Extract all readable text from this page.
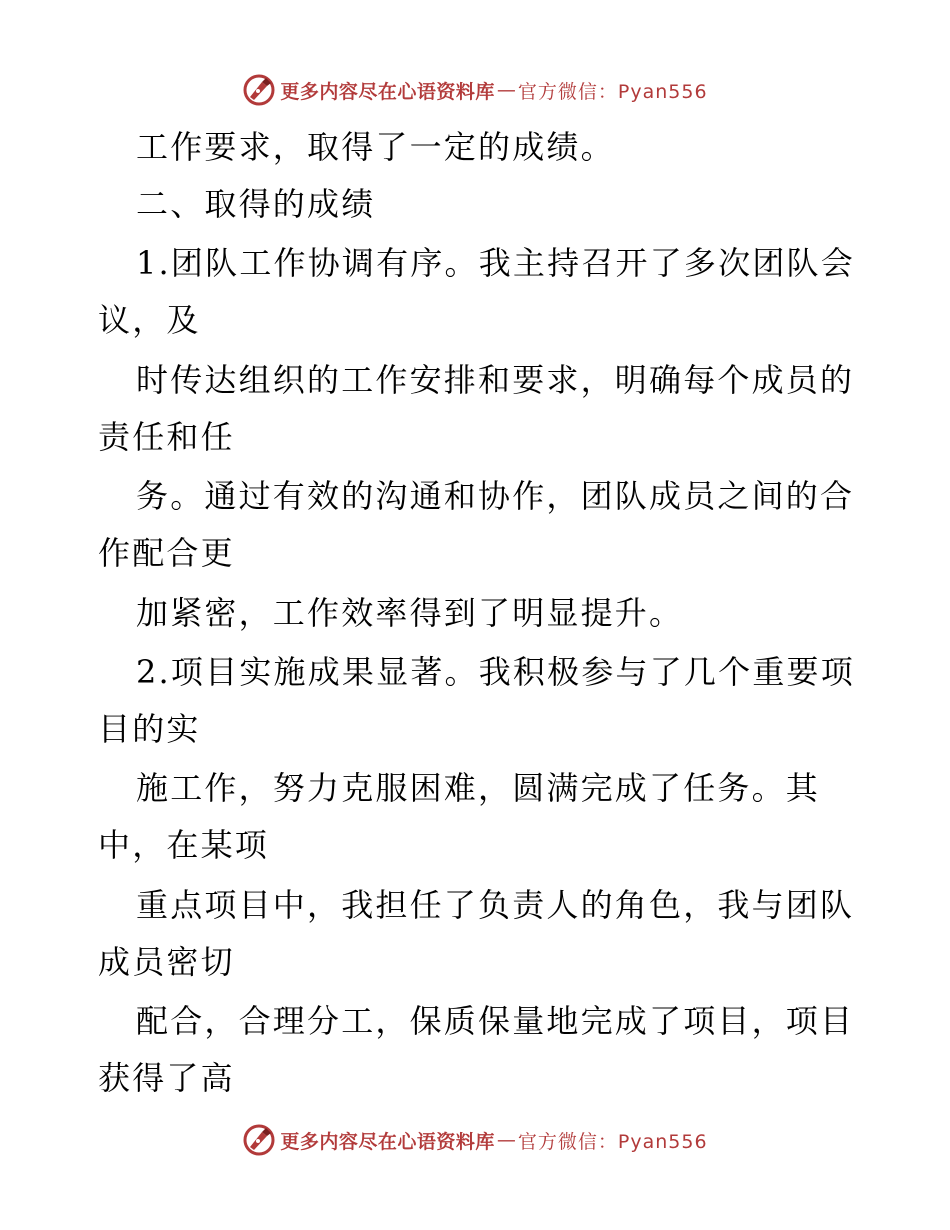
更多内容尽在心语资料库 — 官方微信：Pyan556
工作要求，取得了一定的成绩。
二、取得的成绩
1.团队工作协调有序。我主持召开了多次团队会
议，及
时传达组织的工作安排和要求，明确每个成员的
责任和任
务。通过有效的沟通和协作，团队成员之间的合
作配合更
加紧密，工作效率得到了明显提升。
2.项目实施成果显著。我积极参与了几个重要项
目的实
施工作，努力克服困难，圆满完成了任务。其
中，在某项
重点项目中，我担任了负责人的角色，我与团队
成员密切
配合，合理分工，保质保量地完成了项目，项目
获得了高
更多内容尽在心语资料库 — 官方微信：Pyan556
